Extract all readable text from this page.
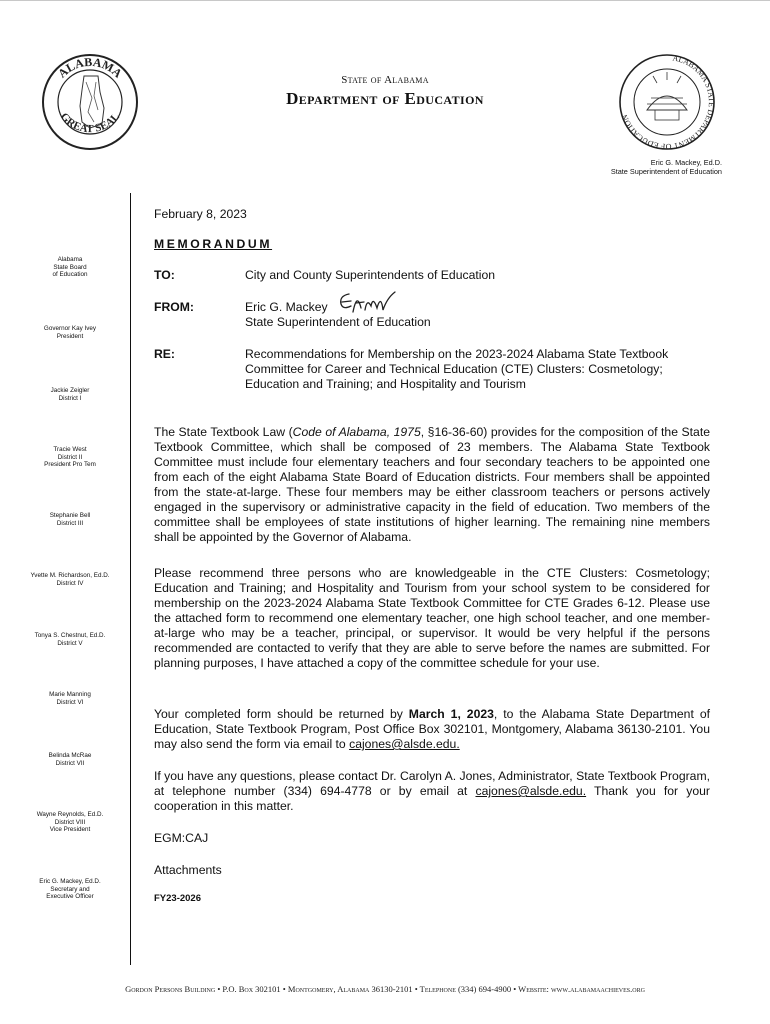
ALABAMA
GREAT SEAL
ALABAMA STATE DEPARTMENT OF EDUCATION
State of Alabama
Department of Education
Eric G. Mackey, Ed.D.
State Superintendent of Education
Alabama
State Board
of Education
Governor Kay Ivey
President
Jackie Zeigler
District I
Tracie West
District II
President Pro Tem
Stephanie Bell
District III
Yvette M. Richardson, Ed.D.
District IV
Tonya S. Chestnut, Ed.D.
District V
Marie Manning
District VI
Belinda McRae
District VII
Wayne Reynolds, Ed.D.
District VIII
Vice President
Eric G. Mackey, Ed.D.
Secretary and
Executive Officer
February 8, 2023
MEMORANDUM
TO:	City and County Superintendents of Education
FROM:	Eric G. Mackey
State Superintendent of Education
RE:	Recommendations for Membership on the 2023-2024 Alabama State Textbook Committee for Career and Technical Education (CTE) Clusters: Cosmetology; Education and Training; and Hospitality and Tourism
The State Textbook Law (Code of Alabama, 1975, §16-36-60) provides for the composition of the State Textbook Committee, which shall be composed of 23 members. The Alabama State Textbook Committee must include four elementary teachers and four secondary teachers to be appointed one from each of the eight Alabama State Board of Education districts. Four members shall be appointed from the state-at-large. These four members may be either classroom teachers or persons actively engaged in the supervisory or administrative capacity in the field of education. Two members of the committee shall be employees of state institutions of higher learning. The remaining nine members shall be appointed by the Governor of Alabama.
Please recommend three persons who are knowledgeable in the CTE Clusters: Cosmetology; Education and Training; and Hospitality and Tourism from your school system to be considered for membership on the 2023-2024 Alabama State Textbook Committee for CTE Grades 6-12. Please use the attached form to recommend one elementary teacher, one high school teacher, and one member-at-large who may be a teacher, principal, or supervisor. It would be very helpful if the persons recommended are contacted to verify that they are able to serve before the names are submitted. For planning purposes, I have attached a copy of the committee schedule for your use.
Your completed form should be returned by March 1, 2023, to the Alabama State Department of Education, State Textbook Program, Post Office Box 302101, Montgomery, Alabama 36130-2101. You may also send the form via email to cajones@alsde.edu.
If you have any questions, please contact Dr. Carolyn A. Jones, Administrator, State Textbook Program, at telephone number (334) 694-4778 or by email at cajones@alsde.edu. Thank you for your cooperation in this matter.
EGM:CAJ
Attachments
FY23-2026
Gordon Persons Building • P.O. Box 302101 • Montgomery, Alabama 36130-2101 • Telephone (334) 694-4900 • Website: www.alabamaachieves.org
